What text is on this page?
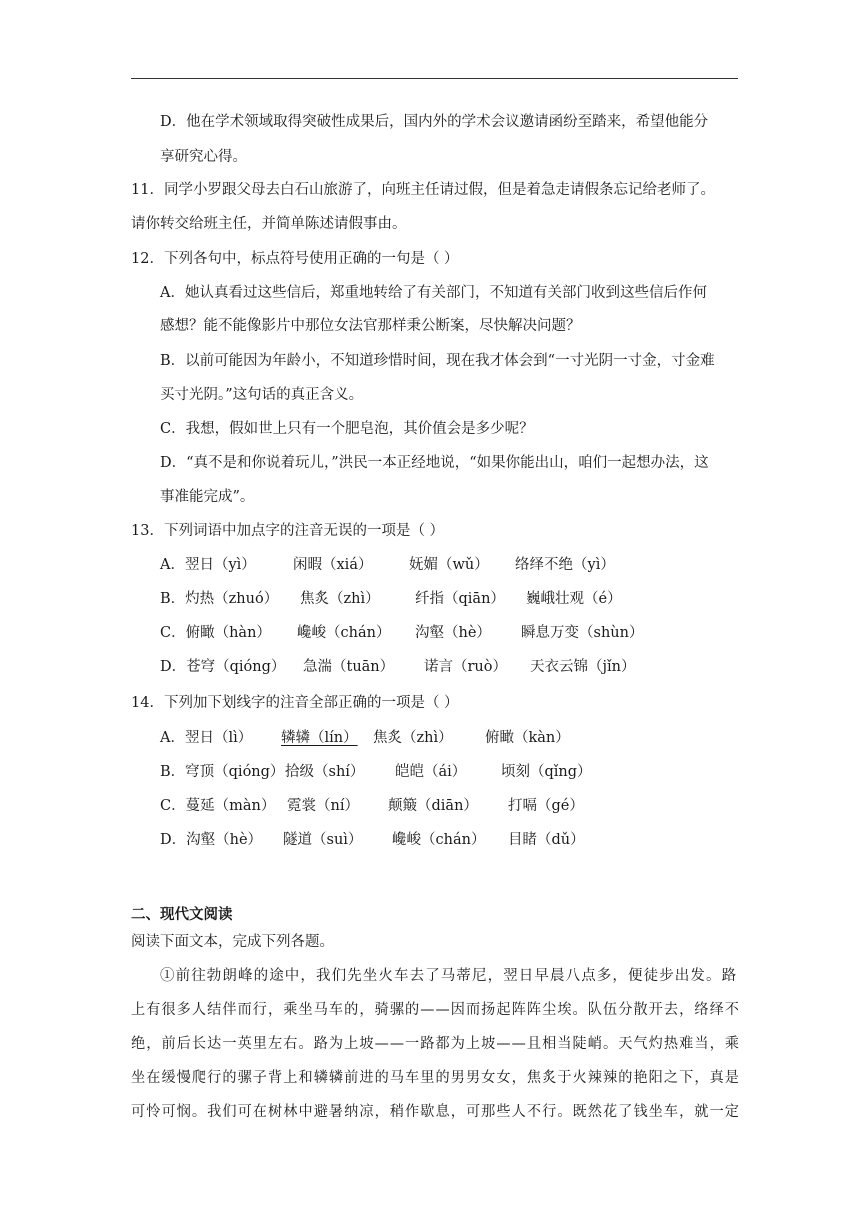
D．他在学术领域取得突破性成果后，国内外的学术会议邀请函纷至踏来，希望他能分
享研究心得。
11．同学小罗跟父母去白石山旅游了，向班主任请过假，但是着急走请假条忘记给老师了。
请你转交给班主任，并简单陈述请假事由。
12．下列各句中，标点符号使用正确的一句是（ ）
A．她认真看过这些信后，郑重地转给了有关部门，不知道有关部门收到这些信后作何
感想？能不能像影片中那位女法官那样秉公断案，尽快解决问题？
B．以前可能因为年龄小，不知道珍惜时间，现在我才体会到“一寸光阴一寸金，寸金难
买寸光阴。”这句话的真正含义。
C．我想，假如世上只有一个肥皂泡，其价值会是多少呢？
D．“真不是和你说着玩儿，”洪民一本正经地说，“如果你能出山，咱们一起想办法，这
事准能完成”。
13．下列词语中加点字的注音无误的一项是（ ）
A．翌日（yì）	闲暇（xiá）	妩媚（wǔ） 络绎不绝（yì）
B．灼热（zhuó） 焦炙（zhì） 纤指（qiān） 巍峨壮观（é）
C．俯瞰（hàn） 巉峻（chán） 沟壑（hè） 瞬息万变（shùn）
D．苍穹（qióng） 急湍（tuān） 诺言（ruò） 天衣云锦（jǐn）
14．下列加下划线字的注音全部正确的一项是（ ）
A．翌日（lì） 辚辚（lín） 焦炙（zhì） 俯瞰（kàn）
B．穹顶（qióng） 拾级（shí） 皑皑（ái） 顷刻（qǐng）
C．蔓延（màn） 霓裳（ní） 颠簸（diān） 打嗝（gé）
D．沟壑（hè） 隧道（suì） 巉峻（chán） 目睹（dǔ）
二、现代文阅读
阅读下面文本，完成下列各题。
①前往勃朗峰的途中，我们先坐火车去了马蒂尼，翌日早晨八点多，便徒步出发。路
上有很多人结伴而行，乘坐马车的，骑骡的——因而扬起阵阵尘埃。队伍分散开去，络绎不
绝，前后长达一英里左右。路为上坡——一路都为上坡——且相当陡峭。天气灼热难当，乘
坐在缓慢爬行的骡子背上和辚辚前进的马车里的男男女女，焦炙于火辣辣的艳阳之下，真是
可怜可悯。我们可在树林中避暑纳凉，稍作歇息，可那些人不行。既然花了钱坐车，就一定
